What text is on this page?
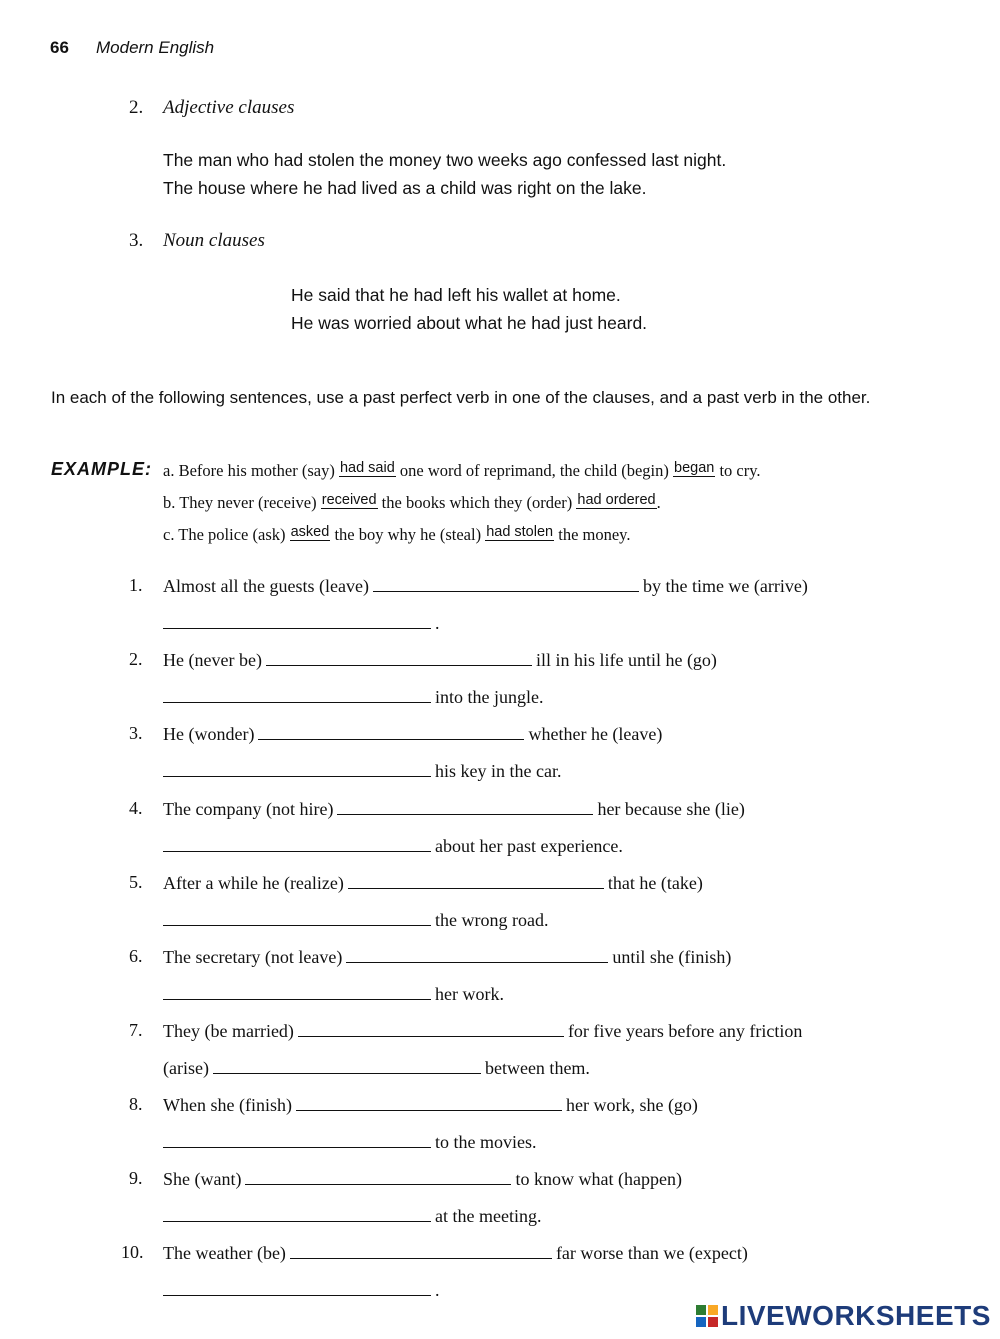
66 Modern English
2. Adjective clauses
The man who had stolen the money two weeks ago confessed last night.
The house where he had lived as a child was right on the lake.
3. Noun clauses
He said that he had left his wallet at home.
He was worried about what he had just heard.
In each of the following sentences, use a past perfect verb in one of the clauses, and a past verb in the other.
EXAMPLE: a. Before his mother (say) had said one word of reprimand, the child (begin) began to cry.
b. They never (receive) received the books which they (order) had ordered.
c. The police (ask) asked the boy why he (steal) had stolen the money.
1. Almost all the guests (leave)	by the time we (arrive)
.
2. He (never be)	ill in his life until he (go)
into the jungle.
3. He (wonder)	whether he (leave)
his key in the car.
4. The company (not hire)	her because she (lie)
about her past experience.
5. After a while he (realize)	that he (take)
the wrong road.
6. The secretary (not leave)	until she (finish)
her work.
7. They (be married)	for five years before any friction
(arise)	between them.
8. When she (finish)	her work, she (go)
to the movies.
9. She (want)	to know what (happen)
at the meeting.
10. The weather (be)	far worse than we (expect)
.
LIVEWORKSHEETS
